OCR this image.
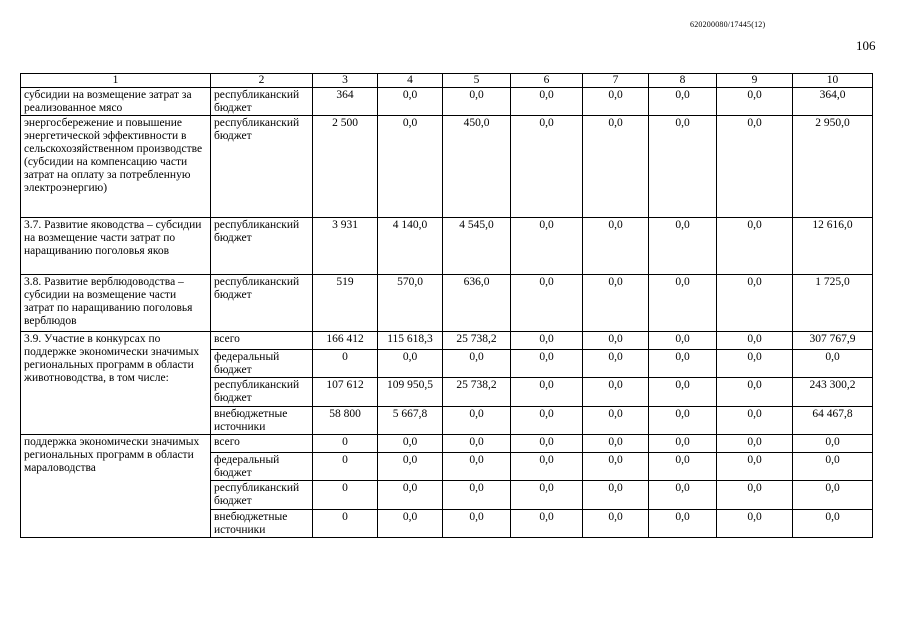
620200080/17445(12)
106
1	2	3	4	5	6	7	8	9	10
субсидии на возмещение затрат за реализованное мясо	республиканский бюджет	364	0,0	0,0	0,0	0,0	0,0	0,0	364,0
энергосбережение и повышение энергетической эффективности в сельскохозяйственном производстве (субсидии на компенсацию части затрат на оплату за потребленную электроэнергию)	республиканский бюджет	2 500	0,0	450,0	0,0	0,0	0,0	0,0	2 950,0
3.7. Развитие яководства – субсидии на возмещение части затрат по наращиванию поголовья яков	республиканский бюджет	3 931	4 140,0	4 545,0	0,0	0,0	0,0	0,0	12 616,0
3.8. Развитие верблюдоводства – субсидии на возмещение части затрат по наращиванию поголовья верблюдов	республиканский бюджет	519	570,0	636,0	0,0	0,0	0,0	0,0	1 725,0
3.9. Участие в конкурсах по поддержке экономически значимых региональных программ в области животноводства, в том числе:	всего	166 412	115 618,3	25 738,2	0,0	0,0	0,0	0,0	307 767,9
	федеральный бюджет	0	0,0	0,0	0,0	0,0	0,0	0,0	0,0
	республиканский бюджет	107 612	109 950,5	25 738,2	0,0	0,0	0,0	0,0	243 300,2
	внебюджетные источники	58 800	5 667,8	0,0	0,0	0,0	0,0	0,0	64 467,8
поддержка экономически значимых региональных программ в области мараловодства	всего	0	0,0	0,0	0,0	0,0	0,0	0,0	0,0
	федеральный бюджет	0	0,0	0,0	0,0	0,0	0,0	0,0	0,0
	республиканский бюджет	0	0,0	0,0	0,0	0,0	0,0	0,0	0,0
	внебюджетные источники	0	0,0	0,0	0,0	0,0	0,0	0,0	0,0
